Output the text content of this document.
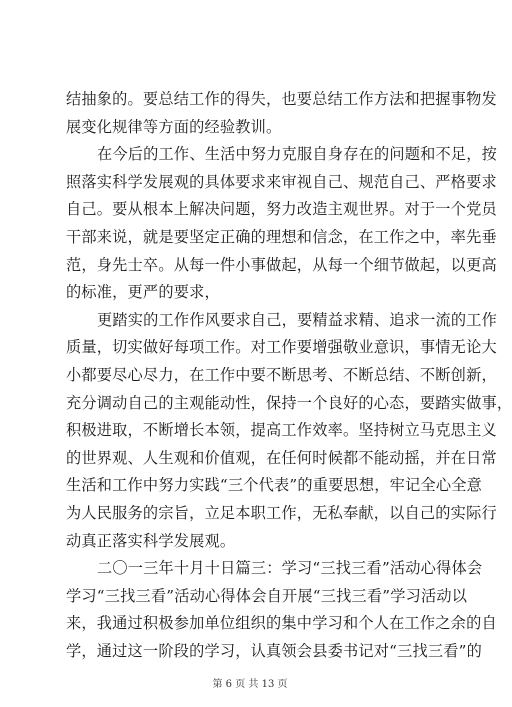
结抽象的。要总结工作的得失，也要总结工作方法和把握事物发
展变化规律等方面的经验教训。
在今后的工作、生活中努力克服自身存在的问题和不足，按
照落实科学发展观的具体要求来审视自己、规范自己、严格要求
自己。要从根本上解决问题，努力改造主观世界。对于一个党员
干部来说，就是要坚定正确的理想和信念，在工作之中，率先垂
范，身先士卒。从每一件小事做起，从每一个细节做起，以更高
的标准，更严的要求，
更踏实的工作作风要求自己，要精益求精、追求一流的工作
质量，切实做好每项工作。对工作要增强敬业意识，事情无论大
小都要尽心尽力，在工作中要不断思考、不断总结、不断创新，
充分调动自己的主观能动性，保持一个良好的心态，要踏实做事，
积极进取，不断增长本领，提高工作效率。坚持树立马克思主义
的世界观、人生观和价值观，在任何时候都不能动摇，并在日常
生活和工作中努力实践“三个代表”的重要思想，牢记全心全意
为人民服务的宗旨，立足本职工作，无私奉献，以自己的实际行
动真正落实科学发展观。
二〇一三年十月十日篇三：学习“三找三看”活动心得体会
学习“三找三看”活动心得体会自开展“三找三看”学习活动以
来，我通过积极参加单位组织的集中学习和个人在工作之余的自
学，通过这一阶段的学习，认真领会县委书记对“三找三看”的
第 6 页 共 13 页
